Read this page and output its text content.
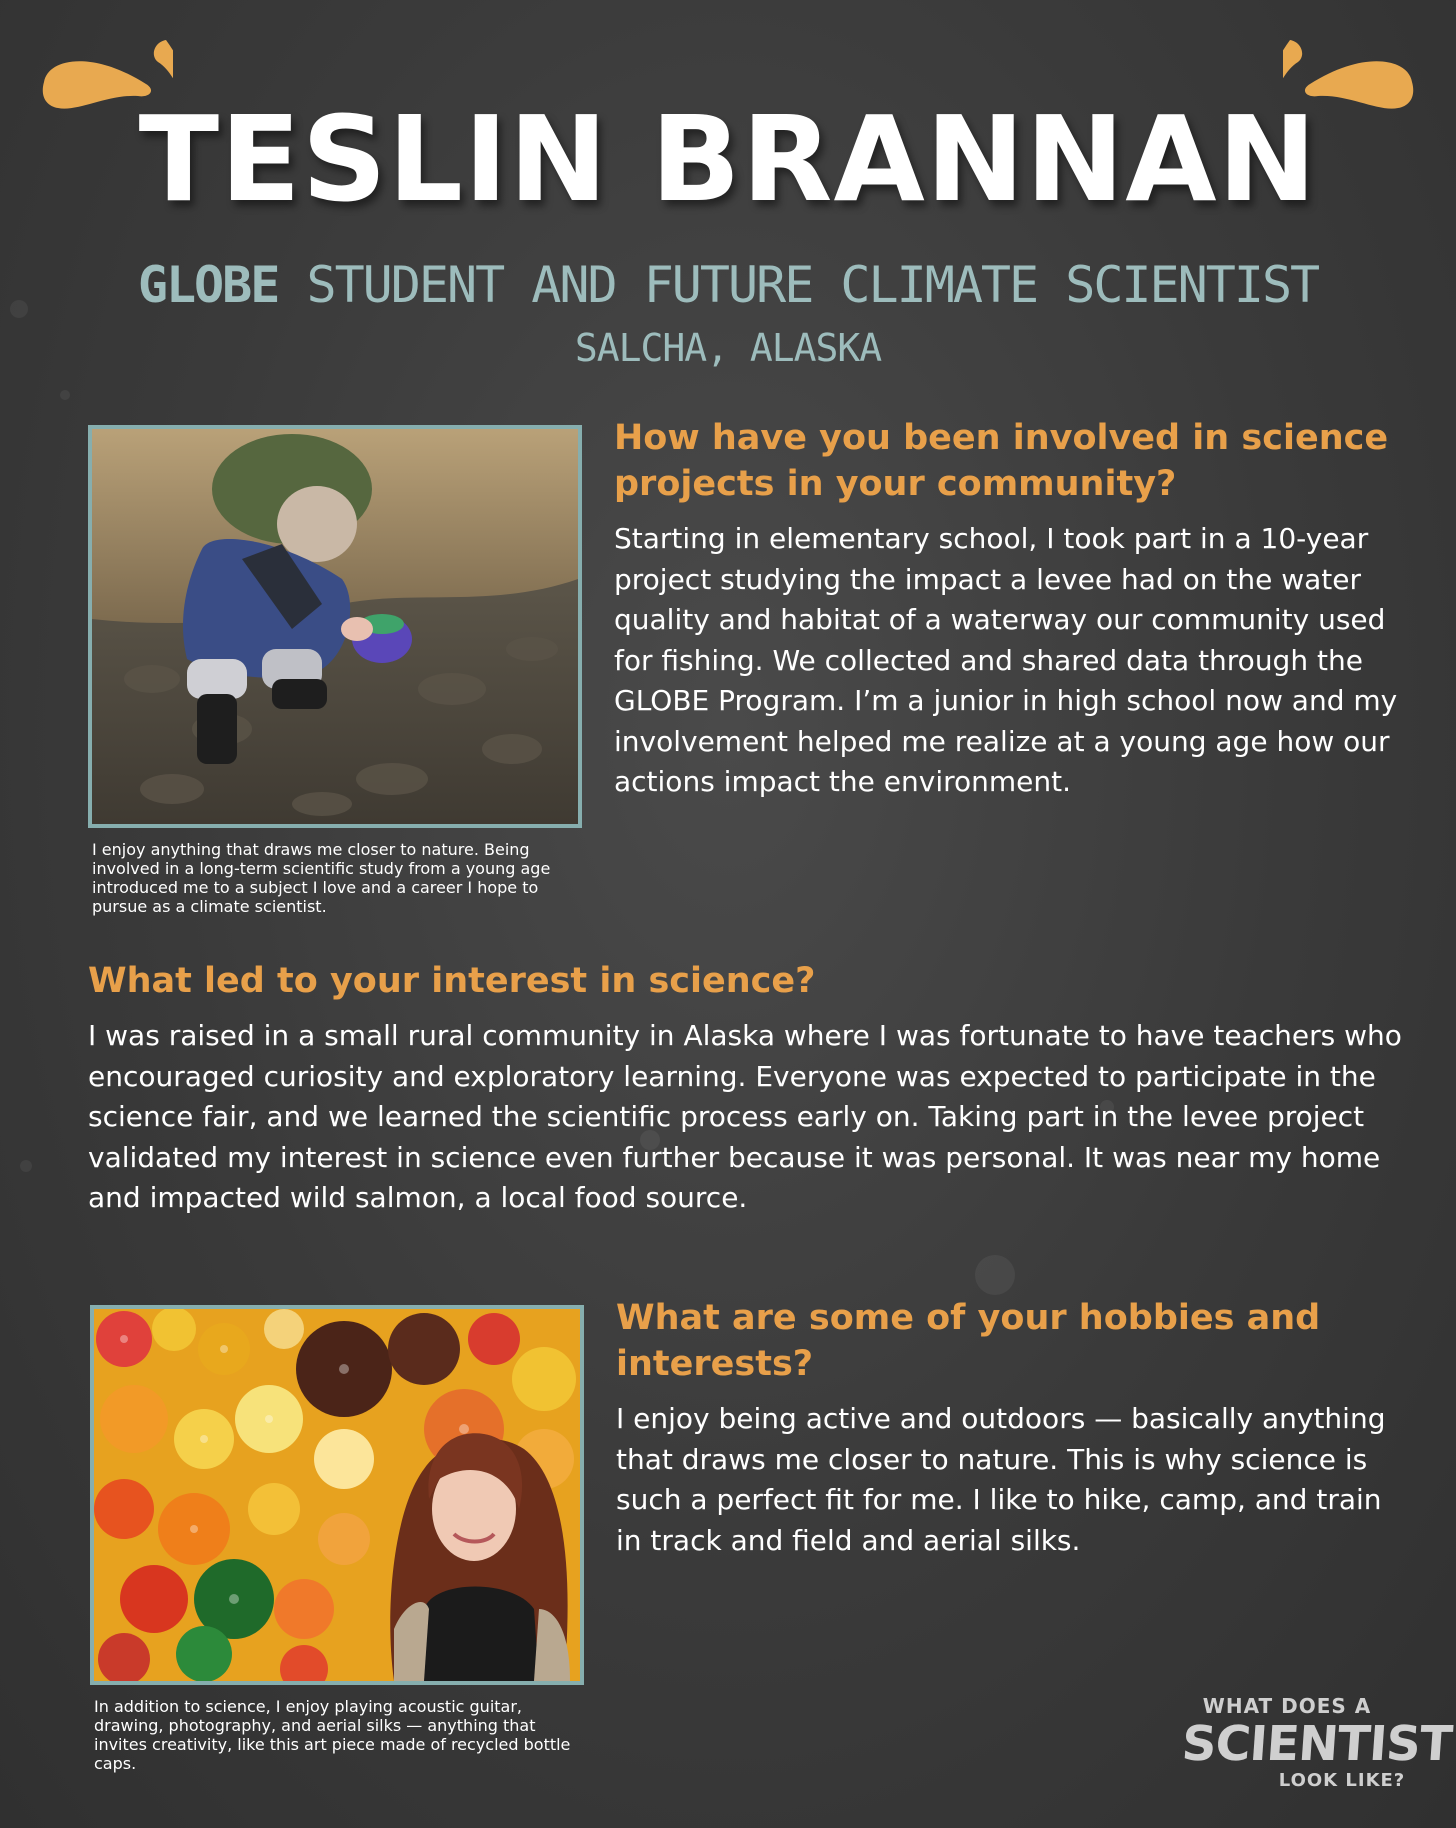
TESLIN BRANNAN
GLOBE STUDENT AND FUTURE CLIMATE SCIENTIST
SALCHA, ALASKA
I enjoy anything that draws me closer to nature. Being involved in a long-term scientific study from a young age introduced me to a subject I love and a career I hope to pursue as a climate scientist.
How have you been involved in science projects in your community?
Starting in elementary school, I took part in a 10-year project studying the impact a levee had on the water quality and habitat of a waterway our community used for fishing. We collected and shared data through the GLOBE Program. I’m a junior in high school now and my involvement helped me realize at a young age how our actions impact the environment.
What led to your interest in science?
I was raised in a small rural community in Alaska where I was fortunate to have teachers who encouraged curiosity and exploratory learning. Everyone was expected to participate in the science fair, and we learned the scientific process early on. Taking part in the levee project validated my interest in science even further because it was personal. It was near my home and impacted wild salmon, a local food source.
In addition to science, I enjoy playing acoustic guitar, drawing, photography, and aerial silks — anything that invites creativity, like this art piece made of recycled bottle caps.
What are some of your hobbies and interests?
I enjoy being active and outdoors — basically anything that draws me closer to nature. This is why science is such a perfect fit for me. I like to hike, camp, and train in track and field and aerial silks.
WHAT DOES A
SCIENTIST
LOOK LIKE?
